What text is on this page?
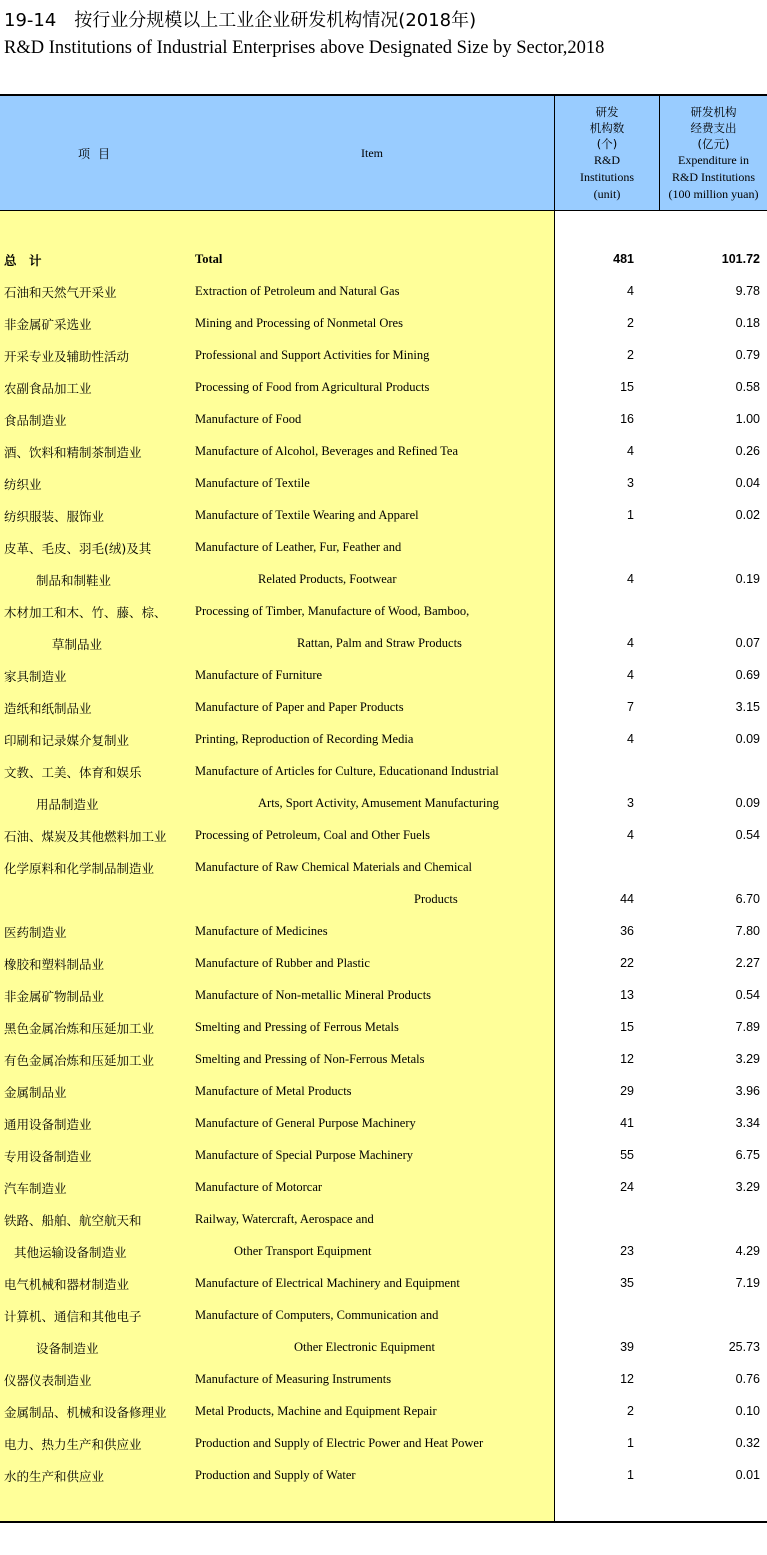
19-14　按行业分规模以上工业企业研发机构情况(2018年)
R&D Institutions of Industrial Enterprises above Designated Size by Sector,2018
项目	Item
研发
机构数
(个)
R&D
Institutions
(unit)
研发机构
经费支出
(亿元)
Expenditure in
R&D Institutions
(100 million yuan)
总　计	Total	481	101.72
石油和天然气开采业	Extraction of Petroleum and Natural Gas	4	9.78
非金属矿采选业	Mining and Processing of Nonmetal Ores	2	0.18
开采专业及辅助性活动	Professional and Support Activities for Mining	2	0.79
农副食品加工业	Processing of Food from Agricultural Products	15	0.58
食品制造业	Manufacture of Food	16	1.00
酒、饮料和精制茶制造业	Manufacture of Alcohol, Beverages and Refined Tea	4	0.26
纺织业	Manufacture of Textile	3	0.04
纺织服装、服饰业	Manufacture of Textile Wearing and Apparel	1	0.02
皮革、毛皮、羽毛(绒)及其	Manufacture of Leather, Fur, Feather and
制品和制鞋业	Related Products, Footwear	4	0.19
木材加工和木、竹、藤、棕、 Processing of Timber, Manufacture of Wood, Bamboo,
草制品业	Rattan, Palm and Straw Products	4	0.07
家具制造业	Manufacture of Furniture	4	0.69
造纸和纸制品业	Manufacture of Paper and Paper Products	7	3.15
印刷和记录媒介复制业	Printing, Reproduction of Recording Media	4	0.09
文教、工美、体育和娱乐	Manufacture of Articles for Culture, Educationand Industrial
用品制造业	Arts, Sport Activity, Amusement Manufacturing	3	0.09
石油、煤炭及其他燃料加工业 Processing of Petroleum, Coal and Other Fuels	4	0.54
化学原料和化学制品制造业	Manufacture of Raw Chemical Materials and Chemical
Products	44	6.70
医药制造业	Manufacture of Medicines	36	7.80
橡胶和塑料制品业	Manufacture of Rubber and Plastic	22	2.27
非金属矿物制品业	Manufacture of Non-metallic Mineral Products	13	0.54
黑色金属冶炼和压延加工业	Smelting and Pressing of Ferrous Metals	15	7.89
有色金属冶炼和压延加工业	Smelting and Pressing of Non-Ferrous Metals	12	3.29
金属制品业	Manufacture of Metal Products	29	3.96
通用设备制造业	Manufacture of General Purpose Machinery	41	3.34
专用设备制造业	Manufacture of Special Purpose Machinery	55	6.75
汽车制造业	Manufacture of Motorcar	24	3.29
铁路、船舶、航空航天和	Railway, Watercraft, Aerospace and
其他运输设备制造业	Other Transport Equipment	23	4.29
电气机械和器材制造业	Manufacture of Electrical Machinery and Equipment	35	7.19
计算机、通信和其他电子	Manufacture of Computers, Communication and
设备制造业	Other Electronic Equipment	39	25.73
仪器仪表制造业	Manufacture of Measuring Instruments	12	0.76
金属制品、机械和设备修理业 Metal Products, Machine and Equipment Repair	2	0.10
电力、热力生产和供应业	Production and Supply of Electric Power and Heat Power	1	0.32
水的生产和供应业	Production and Supply of Water	1	0.01
